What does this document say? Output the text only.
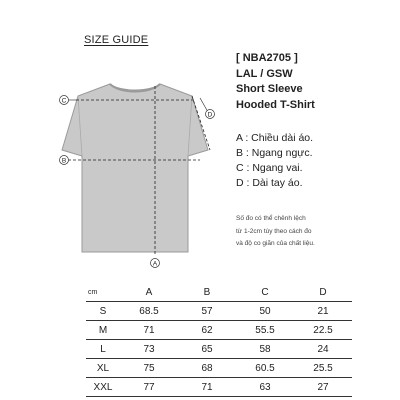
SIZE GUIDE
C
B
D
A
[ NBA2705 ]
LAL / GSW
Short Sleeve
Hooded T-Shirt
A : Chiều dài áo.
B : Ngang ngực.
C : Ngang vai.
D : Dài tay áo.
Số đo có thể chênh lệch
từ 1-2cm tùy theo cách đo
và độ co giãn của chất liệu.
cm	A	B	C	D
S	68.5	57	50	21
M	71	62	55.5	22.5
L	73	65	58	24
XL	75	68	60.5	25.5
XXL	77	71	63	27
